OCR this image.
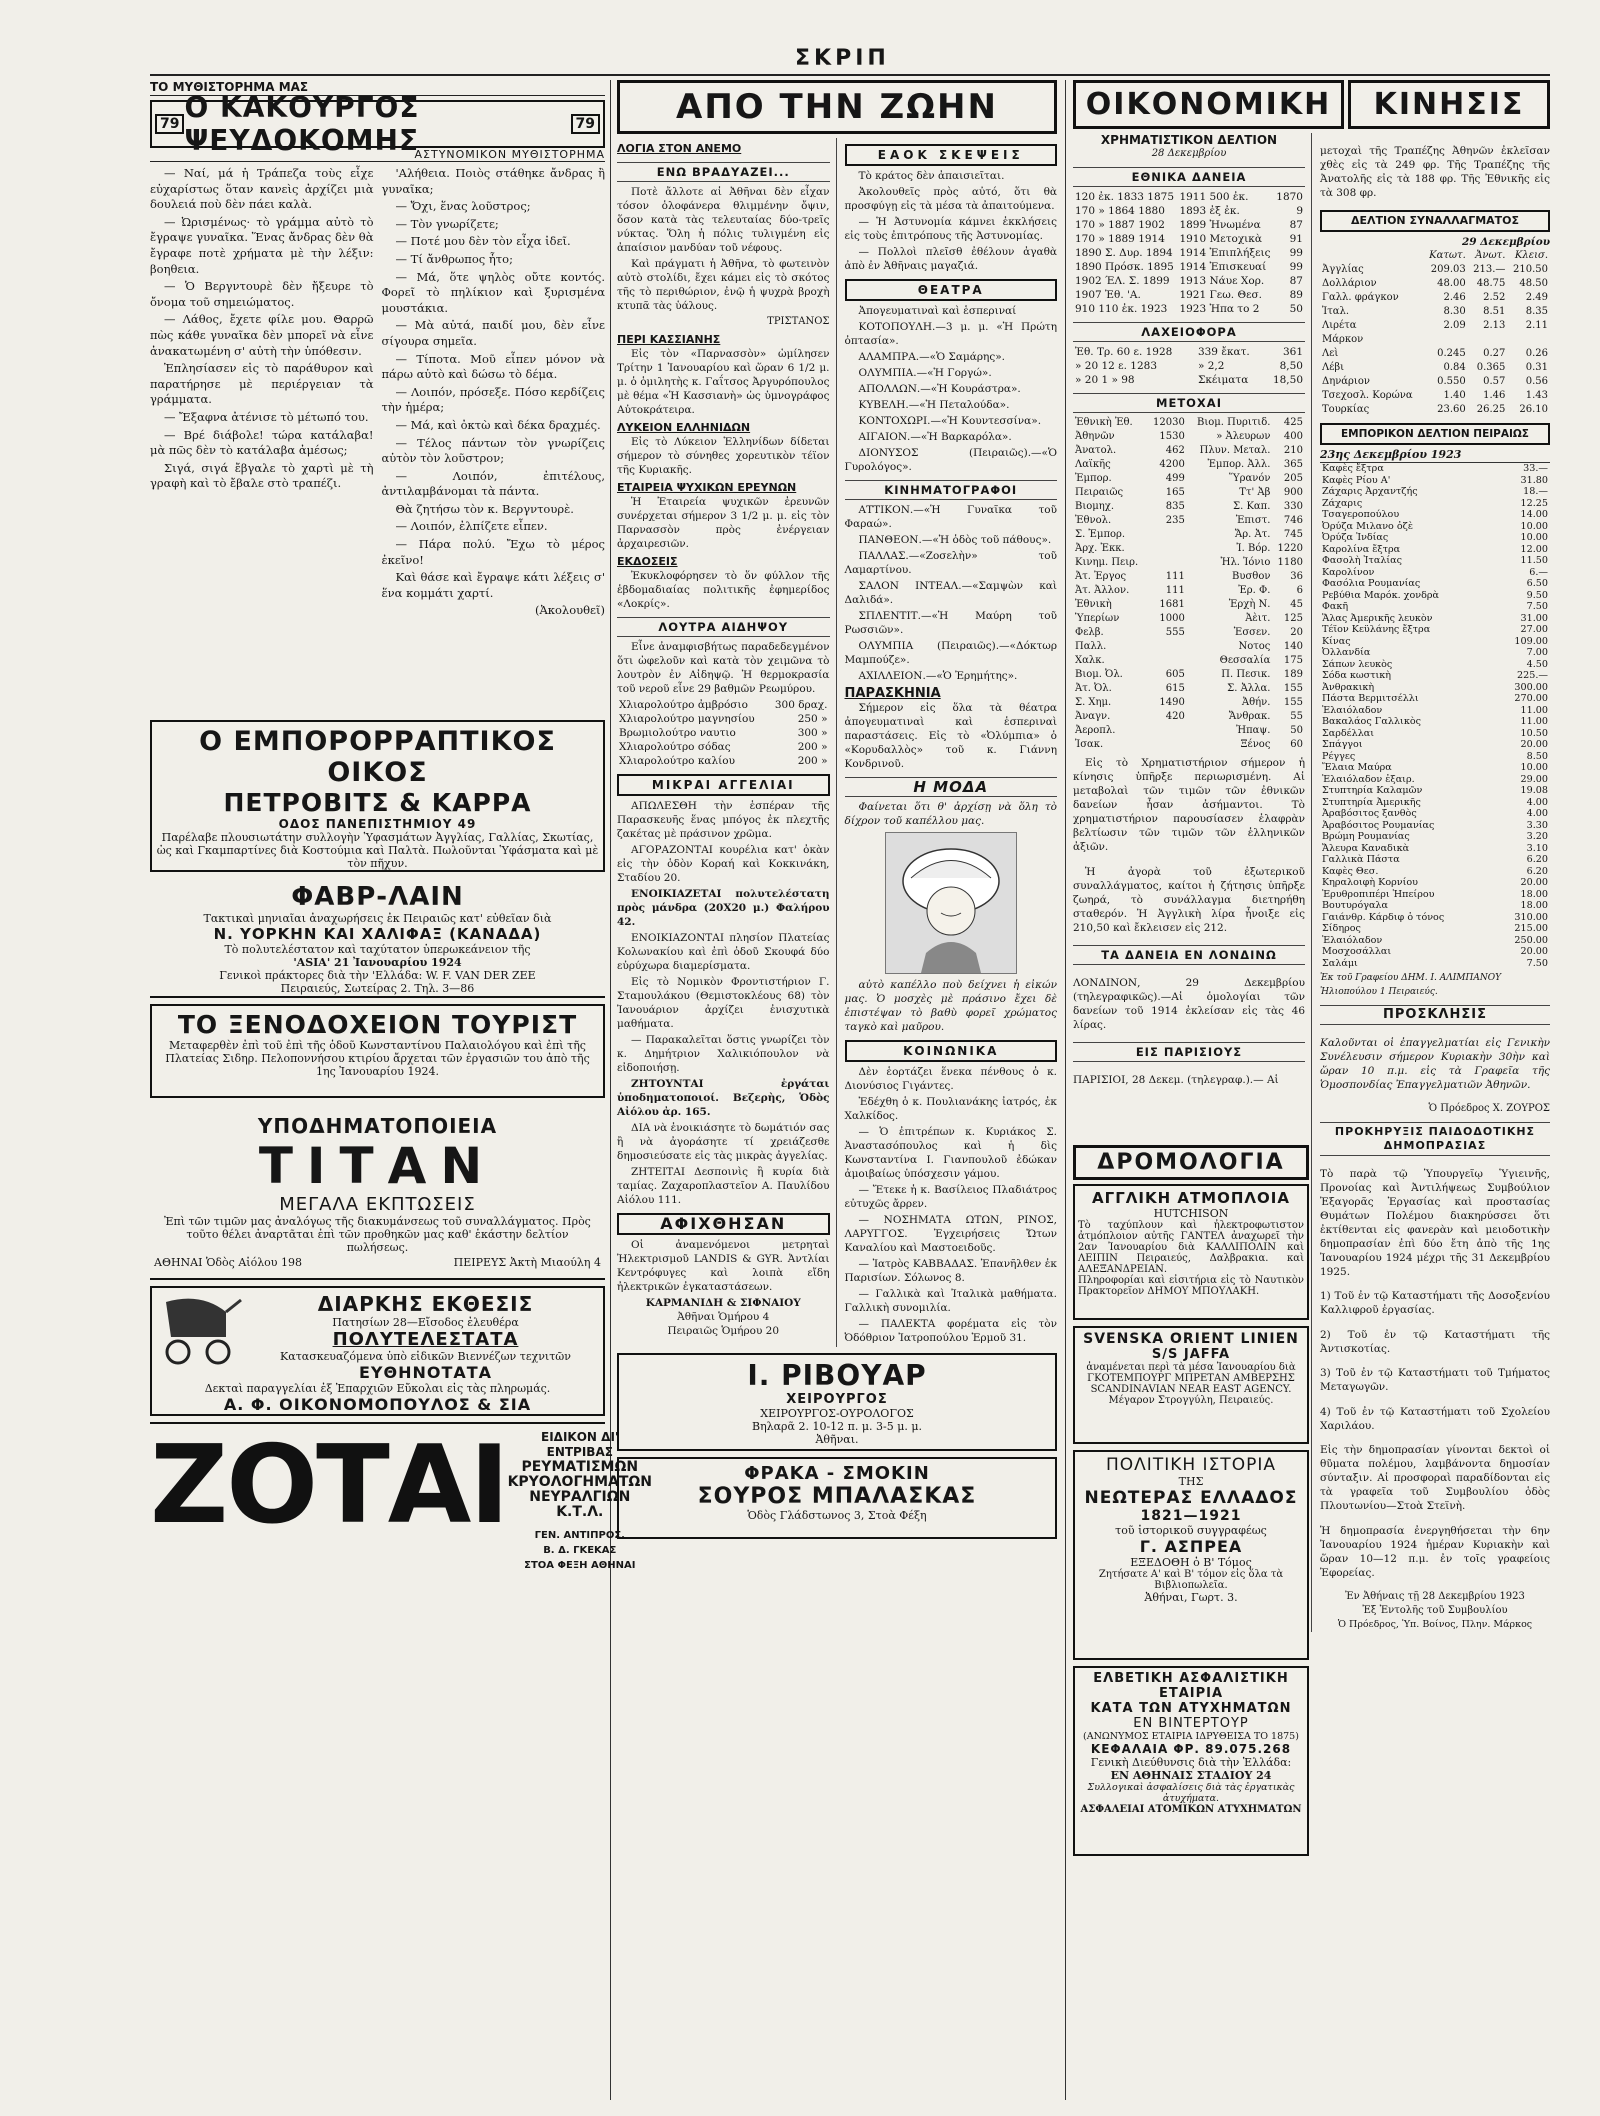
ΣΚΡΙΠ
ΤΟ ΜΥΘΙΣΤΟΡΗΜΑ ΜΑΣ
79 Ο ΚΑΚΟΥΡΓΟΣ ΨΕΥΔΟΚΟΜΗΣ	79
ΑΣΤΥΝΟΜΙΚΟΝ ΜΥΘΙΣΤΟΡΗΜΑ

— Ναί, μά ἡ Τράπεζα τοὺς εἶχε εὐχαρίστως ὅταν κανεὶς ἀρχίζει μιὰ δουλειά ποὺ δὲν πάει καλὰ.

— Ὠρισμένως· τὸ γράμμα αὐτὸ τὸ ἔγραψε γυναῖκα. Ἕνας ἄνδρας δὲν θὰ ἔγραφε ποτὲ χρήματα μὲ τὴν λέξιν: βοηθεια.

— Ὁ Βεργντουρὲ δὲν ἤξευρε τὸ ὄνομα τοῦ σημειώματος.

— Λάθος, ἔχετε φίλε μου. Θαρρῶ πὼς κάθε γυναῖκα δὲν μπορεῖ νὰ εἶνε ἀνακατωμένη σ' αὐτὴ τὴν ὑπόθεσιν.

Ἐπλησίασεν εἰς τὸ παράθυρον καὶ παρατήρησε μὲ περιέργειαν τὰ γράμματα.

— Ἔξαφνα ἀτένισε τὸ μέτωπό του.

— Βρέ διάβολε! τώρα κατάλαβα! μὰ πῶς δὲν τὸ κατάλαβα ἀμέσως;

Σιγά, σιγά ἔβγαλε τὸ χαρτὶ μὲ τὴ γραφὴ καὶ τὸ ἔβαλε στὸ τραπέζι.

'Αλήθεια. Ποιὸς στάθηκε ἄνδρας ἢ γυναῖκα;

— Ὄχι, ἕνας λοῦστρος;

— Τὸν γνωρίζετε;

— Ποτέ μου δὲν τὸν εἶχα ἰδεῖ.

— Τί ἄνθρωπος ἦτο;

— Μά, ὅτε ψηλὸς οὔτε κοντός. Φορεῖ τὸ πηλίκιον καὶ ξυρισμένα μουστάκια.

— Μὰ αὐτά, παιδί μου, δὲν εἶνε σίγουρα σημεῖα.

— Τίποτα. Μοῦ εἶπεν μόνον νὰ πάρω αὐτὸ καὶ δώσω τὸ δέμα.

— Λοιπόν, πρόσεξε. Πόσο κερδίζεις τὴν ἡμέρα;

— Μά, καὶ ὀκτὼ καὶ δέκα δραχμές.

— Τέλος πάντων τὸν γνωρίζεις αὐτὸν τὸν λοῦστρον;

— Λοιπόν, ἐπιτέλους, ἀντιλαμβάνομαι τὰ πάντα.

Θὰ ζητήσω τὸν κ. Βεργντουρὲ.

— Λοιπόν, ἐλπίζετε εἶπεν.

— Πάρα πολύ. Ἔχω τὸ μέρος ἐκεῖνο!

Καὶ θάσε καὶ ἔγραψε κάτι λέξεις σ' ἕνα κομμάτι χαρτί.

(Ἀκολουθεῖ)
Ο ΕΜΠΟΡΟΡΡΑΠΤΙΚΟΣ ΟΙΚΟΣ
ΠΕΤΡΟΒΙΤΣ & ΚΑΡΡΑ
ΟΔΟΣ ΠΑΝΕΠΙΣΤΗΜΙΟΥ 49
Παρέλαβε πλουσιωτάτην συλλογὴν Ὑφασμάτων Ἀγγλίας, Γαλλίας, Σκωτίας, ὡς καὶ Γκαμπαρτίνες διὰ Κοστούμια καὶ Παλτὰ. Πωλοῦνται Ὑφάσματα καὶ μὲ τὸν πῆχυν.
ΦΑΒΡ-ΛΑΙΝ
Τακτικαὶ μηνιαῖαι ἀναχωρήσεις ἐκ Πειραιῶς κατ' εὐθεῖαν διὰ
Ν. ΥΟΡΚΗΝ ΚΑΙ ΧΑΛΙΦΑΞ (ΚΑΝΑΔΑ)
Τὸ πολυτελέστατον καὶ ταχύτατον ὑπερωκεάνειον τῆς
'ASIA' 21 Ἰανουαρίου 1924
Γενικοὶ πράκτορες διὰ τὴν 'Ελλάδα: W. F. VAN DER ZEE
Πειραιεύς, Σωτείρας 2. Τηλ. 3—86
ΤΟ ΞΕΝΟΔΟΧΕΙΟΝ ΤΟΥΡΙΣΤ
Μεταφερθὲν ἐπὶ τοῦ ἐπὶ τῆς ὁδοῦ Κωνσταντίνου Παλαιολόγου καὶ ἐπὶ τῆς Πλατείας Σιδηρ. Πελοποννήσου κτιρίου ἄρχεται τῶν ἐργασιῶν του ἀπὸ τῆς 1ης Ἰανουαρίου 1924.
ΥΠΟΔΗΜΑΤΟΠΟΙΕΙΑ
ΤΙΤΑΝ
ΜΕΓΑΛΑ ΕΚΠΤΩΣΕΙΣ
Ἐπὶ τῶν τιμῶν μας ἀναλόγως τῆς διακυμάνσεως τοῦ συναλλάγματος. Πρὸς τοῦτο θέλει ἀναρτᾶται ἐπὶ τῶν προθηκῶν μας καθ' ἑκάστην δελτίον πωλήσεως.
ΑΘΗΝΑΙ Ὁδὸς Αἰόλου 198	ΠΕΙΡΕΥΣ Ἀκτὴ Μιαούλη 4
ΔΙΑΡΚΗΣ ΕΚΘΕΣΙΣ
Πατησίων 28—Εἴσοδος ἐλευθέρα
ΠΟΛΥΤΕΛΕΣΤΑΤΑ
Κατασκευαζόμενα ὑπὸ εἰδικῶν Βιεννέζων τεχνιτῶν
ΕΥΘΗΝΟΤΑΤΑ
Δεκταὶ παραγγελίαι ἐξ Ἐπαρχιῶν Εὔκολαι εἰς τὰς πληρωμάς.
Α. Φ. ΟΙΚΟΝΟΜΟΠΟΥΛΟΣ & ΣΙΑ
ΖΟΤΑΙ	ΕΙΔΙΚΟΝ ΔΙ' ΕΝΤΡΙΒΑΣ
ΡΕΥΜΑΤΙΣΜΩΝ
ΚΡΥΟΛΟΓΗΜΑΤΩΝ
ΝΕΥΡΑΛΓΙΩΝ Κ.Τ.Λ.
ΓΕΝ. ΑΝΤΙΠΡΟΣ.
Β. Δ. ΓΚΕΚΑΣ
ΣΤΟΑ ΦΕΞΗ ΑΘΗΝΑΙ
ΑΠΟ ΤΗΝ ΖΩΗΝ
ΛΟΓΙΑ ΣΤΟΝ ΑΝΕΜΟ
ΕΝΩ ΒΡΑΔΥΑΖΕΙ...

Ποτὲ ἄλλοτε αἱ Ἀθῆναι δὲν εἶχαν τόσον ὁλοφάνερα θλιμμένην ὄψιν, ὅσον κατὰ τὰς τελευταίας δύο-τρεῖς νύκτας. Ὅλη ἡ πόλις τυλιγμένη εἰς ἀπαίσιον μανδύαν τοῦ νέφους.

Καὶ πράγματι ἡ Ἀθῆνα, τὸ φωτεινὸν αὐτὸ στολίδι, ἔχει κάμει εἰς τὸ σκότος τῆς τὸ περιθώριον, ἐνῷ ἡ ψυχρὰ βροχὴ κτυπᾶ τὰς ὑάλους.

ΤΡΙΣΤΑΝΟΣ
ΠΕΡΙ ΚΑΣΣΙΑΝΗΣ

Εἰς τὸν «Παρνασσὸν» ὡμίλησεν Τρίτην 1 Ἰανουαρίου καὶ ὥραν 6 1/2 μ. μ. ὁ ὁμιλητὴς κ. Γαΐτσος Ἀργυρόπουλος μὲ θέμα «Ἡ Κασσιανὴ» ὡς ὑμνογράφος Αὐτοκράτειρα.

ΛΥΚΕΙΟΝ ΕΛΛΗΝΙΔΩΝ

Εἰς τὸ Λύκειον Ἑλληνίδων δίδεται σήμερον τὸ σύνηθες χορευτικὸν τέϊον τῆς Κυριακῆς.

ΕΤΑΙΡΕΙΑ ΨΥΧΙΚΩΝ ΕΡΕΥΝΩΝ

Ἡ Ἐταιρεία ψυχικῶν ἐρευνῶν συνέρχεται σήμερον 3 1/2 μ. μ. εἰς τὸν Παρνασσὸν πρὸς ἐνέργειαν ἀρχαιρεσιῶν.

ΕΚΔΟΣΕΙΣ

Ἐκυκλοφόρησεν τὸ ὅν φύλλον τῆς ἑβδομαδιαίας πολιτικῆς ἐφημερίδος «Λοκρίς».

ΛΟΥΤΡΑ ΑΙΔΗΨΟΥ

Εἶνε ἀναμφισβήτως παραδεδεγμένον ὅτι ὠφελοῦν καὶ κατὰ τὸν χειμῶνα τὸ λουτρὸν ἐν Αἰδηψῷ. Ἡ θερμοκρασία τοῦ νεροῦ εἶνε 29 βαθμῶν Ρεωμύρου.

Χλιαρολούτρο ἀμβρόσιο	300 δραχ.
Χλιαρολούτρο μαγνησίου	250 »
Βρωμιολούτρο ναυτιο	300 »
Χλιαρολούτρο σόδας	200 »
Χλιαρολούτρο καλίου	200 »
ΜΙΚΡΑΙ ΑΓΓΕΛΙΑΙ

ΑΠΩΛΕΣΘΗ τὴν ἑσπέραν τῆς Παρασκευῆς ἕνας μπόγος ἐκ πλεχτῆς ζακέτας μὲ πράσινον χρῶμα.

ΑΓΟΡΑΖΟΝΤΑΙ κουρέλια κατ' ὀκὰν εἰς τὴν ὁδὸν Κοραή καὶ Κοκκινάκη, Σταδίου 20.

ΕΝΟΙΚΙΑΖΕΤΑΙ πολυτελέστατη πρὸς μάνδρα (20Χ20 μ.) Φαλήρου 42.

ΕΝΟΙΚΙΑΖΟΝΤΑΙ πλησίον Πλατείας Κολωνακίου καὶ ἐπὶ ὁδοῦ Σκουφά δύο εὐρύχωρα διαμερίσματα.

Εἰς τὸ Νομικὸν Φροντιστήριον Γ. Σταμουλάκου (Θεμιστοκλέους 68) τὸν Ἰανουάριον ἀρχίζει ἐνισχυτικὰ μαθήματα.

— Παρακαλεῖται ὅστις γνωρίζει τὸν κ. Δημήτριον Χαλικιόπουλον νὰ εἰδοποιήσῃ.

ΖΗΤΟΥΝΤΑΙ ἐργάται ὑποδηματοποιοί. Βεζερὴς, Ὁδὸς Αἰόλου ἀρ. 165.

ΔΙΑ νὰ ἐνοικιάσητε τὸ δωμάτιόν σας ἢ νὰ ἀγοράσητε τί χρειάζεσθε δημοσιεύσατε εἰς τὰς μικρὰς ἀγγελίας.

ΖΗΤΕΙΤΑΙ Δεσποινὶς ἢ κυρία διὰ ταμίας. Ζαχαροπλαστεῖον Α. Παυλίδου Αἰόλου 111.

ΑΦΙΧΘΗΣΑΝ

Οἱ ἀναμενόμενοι μετρηταὶ Ἠλεκτρισμοῦ LANDIS & GYR. Ἀντλίαι Κεντρόφυγες καὶ λοιπὰ εἴδη ἠλεκτρικῶν ἐγκαταστάσεων.

ΚΑΡΜΑΝΙΔΗ & ΣΙΦΝΑΙΟΥ
Ἀθῆναι Ὁμήρου 4
Πειραιῶς Ὁμήρου 20
ΕΑΟΚ ΣΚΕΨΕΙΣ

Τὸ κράτος δὲν ἀπαισιεῖται.

Ἀκολουθεῖς πρὸς αὐτό, ὅτι θὰ προσφύγῃ εἰς τὰ μέσα τὰ ἀπαιτούμενα.

— Ἡ Ἀστυνομία κάμνει ἐκκλήσεις εἰς τοὺς ἐπιτρόπους τῆς Ἀστυνομίας.

— Πολλοὶ πλεῖσθ ἐθέλουν ἀγαθὰ ἀπὸ ἐν Ἀθῆναις μαγαζιά.

ΘΕΑΤΡΑ

Ἀπογευματιναὶ καὶ ἑσπεριναί

ΚΟΤΟΠΟΥΛΗ.—3 μ. μ. «Ἡ Πρώτη ὀπτασία».

ΑΛΑΜΠΡΑ.—«Ὁ Σαμάρης».

ΟΛΥΜΠΙΑ.—«Ἡ Γοργώ».

ΑΠΟΛΛΩΝ.—«Ἡ Κουράστρα».

ΚΥΒΕΛΗ.—«Ἡ Πεταλούδα».

ΚΟΝΤΟΧΩΡΙ.—«Ἡ Κουντεσσίνα».

ΑΙΓΑΙΟΝ.—«Ἡ Βαρκαρόλα».

ΔΙΟΝΥΣΟΣ (Πειραιῶς).—«Ὁ Γυρολόγος».

ΚΙΝΗΜΑΤΟΓΡΑΦΟΙ

ΑΤΤΙΚΟΝ.—«Ἡ Γυναῖκα τοῦ Φαραώ».

ΠΑΝΘΕΟΝ.—«Ἡ ὁδὸς τοῦ πάθους».

ΠΑΛΛΑΣ.—«Ζοσελὴν» τοῦ Λαμαρτίνου.

ΣΑΛΟΝ ΙΝΤΕΑΛ.—«Σαμψὼν καὶ Δαλιδά».

ΣΠΛΕΝΤΙΤ.—«Ἡ Μαύρη τοῦ Ρωσσιῶν».

ΟΛΥΜΠΙΑ (Πειραιῶς).—«Δόκτωρ Μαμπούζε».

ΑΧΙΛΛΕΙΟΝ.—«Ὁ Ἐρημήτης».

ΠΑΡΑΣΚΗΝΙΑ

Σήμερον εἰς ὅλα τὰ θέατρα ἀπογευματιναὶ καὶ ἑσπεριναὶ παραστάσεις. Εἰς τὸ «Ὀλύμπια» ὁ «Κορυδαλλὸς» τοῦ κ. Γιάννη Κονδρινοῦ.

Η ΜΟΔΑ

Φαίνεται ὅτι θ' ἀρχίσῃ νὰ ὅλη τὸ δίχρον τοῦ καπέλλου μας.

αὐτὸ καπέλλο ποὺ δείχνει ἡ εἰκών μας. Ὁ μοσχὲς μὲ πράσινο ἔχει δὲ ἐπιστέψαν τὸ βαθὺ φορεῖ χρώματος ταγκὸ καὶ μαῦρου.

ΚΟΙΝΩΝΙΚΑ

Δὲν ἑορτάζει ἕνεκα πένθους ὁ κ. Διονύσιος Γιγάντες.

Ἐδέχθη ὁ κ. Πουλιανάκης ἰατρός, ἐκ Χαλκίδος.

— Ὁ ἐπιτρέπων κ. Κυριάκος Σ. Ἀναστασόπουλος καὶ ἡ δὶς Κωνσταντίνα Ι. Γιανπουλοῦ ἐδώκαν ἀμοιβαίως ὑπόσχεσιν γάμου.

— Ἔτεκε ἡ κ. Βασίλειος Πλαδιάτρος εὐτυχῶς ἄρρεν.

— ΝΟΣΗΜΑΤΑ ΩΤΩΝ, ΡΙΝΟΣ, ΛΑΡΥΓΓΟΣ. Ἐγχειρήσεις Ὤτων Καναλίου καὶ Μαστοειδοῦς.

— Ἰατρὸς ΚΑΒΒΑΔΑΣ. Ἐπανῆλθεν ἐκ Παρισίων. Σόλωνος 8.

— Γαλλικὰ καὶ Ἰταλικὰ μαθήματα. Γαλλικὴ συνομιλία.

— ΠΑΛΕΚΤΑ φορέματα εἰς τὸν Ὀδόθριον Ἰατροπούλου Ἑρμοῦ 31.

Ι. ΡΙΒΟΥΑΡ
ΧΕΙΡΟΥΡΓΟΣ
ΧΕΙΡΟΥΡΓΟΣ-ΟΥΡΟΛΟΓΟΣ
Βηλαρᾶ 2. 10-12 π. μ. 3-5 μ. μ.
Ἀθῆναι.
ΦΡΑΚΑ - ΣΜΟΚΙΝ
ΣΟΥΡΟΣ ΜΠΑΛΑΣΚΑΣ
Ὁδὸς Γλάδστωνος 3, Στοὰ Φέξη
ΟΙΚΟΝΟΜΙΚΗ	ΚΙΝΗΣΙΣ
ΧΡΗΜΑΤΙΣΤΙΚΟΝ ΔΕΛΤΙΟΝ
28 Δεκεμβρίου
ΕΘΝΙΚΑ ΔΑΝΕΙΑ
120 ἐκ. 1833 1875	1911 500 ἐκ.	1870
170 » 1864 1880	1893 ἐξ ἐκ.	9
170 » 1887 1902	1899 Ἠνωμένα	87
170 » 1889 1914	1910 Μετοχικὰ	91
1890 Σ. Δυρ. 1894	1914 Ἐπιπλήξεις	99
1890 Πρόσκ. 1895	1914 Ἐπισκευαί	99
1902 ΈΛ. Σ. 1899	1913 Νάυε Χορ.	87
1907 Ἐθ. 'Α.	1921 Γεω. Θεσ.	89
910 110 ἐκ. 1923	1923 Ἠπα το 2	50
ΛΑΧΕΙΟΦΟΡΑ
Ἐθ. Τρ. 60 ε. 1928	339 ἔκατ.	361
» 20 12 ε. 1283	» 2,2	8,50
» 20 1 » 98	Σκέιματα	18,50
ΜΕΤΟΧΑΙ
Ἐθνικὴ Ἐθ.	12030	Βιομ. Πυριτιδ.	425
Ἀθηνῶν	1530	» Ἀλευρων	400
Ἀνατολ.	462	Πλυν. Μεταλ.	210
Λαϊκῆς	4200	Ἐμπορ. Ἀλλ.	365
Ἐμπορ.	499	Ὕρανόν	205
Πειραιῶς	165	Ττ' Ἀβ	900
Βιομηχ.	835	Σ. Καπ.	330
Ἐθνολ.	235	Ἐπιστ.	746
Σ. Ἐμπορ.		Ἄρ. Ἀτ.	745
Ἀρχ. Ἐκκ.		Ἰ. Βόρ.	1220
Κινημ. Πειρ.		Ἠλ. Ἰόνιο	1180
Ἀτ. Ἐργος	111	Βυσθον	36
Ἀτ. Ἀλλον.	111	Ἐρ. Φ.	6
Ἐθνικὴ	1681	Ἐρχὴ Ν.	45
Ὑπερίων	1000	Ἀὲιτ.	125
Φελβ.	555	Ἐσσεν.	20
Παλλ.		Νοτος	140
Χαλκ.		Θεσσαλία	175
Βιομ. Ὀλ.	605	Π. Πεσικ.	189
Ἀτ. Ὀλ.	615	Σ. Ἀλλα.	155
Σ. Χημ.	1490	Ἀθήν.	155
Ἀναγν.	420	Ἄνθρακ.	55
Ἀεροπλ.		Ἠπαψ.	50
Ἰσακ.		Ξένος	60

Εἰς τὸ Χρηματιστήριον σήμερον ἡ κίνησις ὑπῆρξε περιωρισμένη. Αἱ μεταβολαὶ τῶν τιμῶν τῶν ἐθνικῶν δανείων ἦσαν ἀσήμαντοι. Τὸ χρηματιστήριον παρουσίασεν ἐλαφρὰν βελτίωσιν τῶν τιμῶν τῶν ἑλληνικῶν ἀξιῶν.

Ἡ ἀγορὰ τοῦ ἐξωτερικοῦ συναλλάγματος, καίτοι ἡ ζήτησις ὑπῆρξε ζωηρά, τὸ συνάλλαγμα διετηρήθη σταθερόν. Ἡ Ἀγγλικὴ λίρα ἦνοιξε εἰς 210,50 καὶ ἔκλεισεν εἰς 212.

ΤΑ ΔΑΝΕΙΑ ΕΝ ΛΟΝΔΙΝΩ

ΛΟΝΔΙΝΟΝ, 29 Δεκεμβρίου (τηλεγραφικῶς).—Αἱ ὁμολογίαι τῶν δανείων τοῦ 1914 ἐκλείσαν εἰς τὰς 46 λίρας.

ΕΙΣ ΠΑΡΙΣΙΟΥΣ

ΠΑΡΙΣΙΟΙ, 28 Δεκεμ. (τηλεγραφ.).— Αἱ

μετοχαὶ τῆς Τραπέζης Ἀθηνῶν ἐκλεῖσαν χθὲς εἰς τὰ 249 φρ. Τῆς Τραπέζης τῆς Ἀνατολῆς εἰς τὰ 188 φρ. Τῆς Ἐθνικῆς εἰς τὰ 308 φρ.

ΔΕΛΤΙΟΝ ΣΥΝΑΛΛΑΓΜΑΤΟΣ
29 Δεκεμβρίου
	Κατωτ.	Ἀνωτ.	Κλεισ.
Ἀγγλίας	209.03	213.—	210.50
Δολλάριον	48.00	48.75	48.50
Γαλλ. φράγκον	2.46	2.52	2.49
Ἰταλ.	8.30	8.51	8.35
Λιρέτα	2.09	2.13	2.11
Μάρκον			
Λεὶ	0.245	0.27	0.26
Λέβι	0.84	0.365	0.31
Δηνάριον	0.550	0.57	0.56
Τσεχοσλ. Κορώνα	1.40	1.46	1.43
Τουρκίας	23.60	26.25	26.10
ΕΜΠΟΡΙΚΟΝ ΔΕΛΤΙΟΝ ΠΕΙΡΑΙΩΣ
23ης Δεκεμβρίου 1923
Καφὲς ἔξτρα	33.—
Καφὲς Ρίου Α'	31.80
Ζάχαρις Ἀρχαντζής	18.—
Ζάχαρις	12.25
Τσαγεροπούλου	14.00
Ὀρύζα Μιλανο ὀζὲ	10.00
Ὀρύζα Ἰνδίας	10.00
Καρολίνα ἔξτρα	12.00
Φασολὴ Ἰταλίας	11.50
Καρολίνον	6.—
Φασόλια Ρουμανίας	6.50
Ρεβύθια Μαρόκ. χονδρὰ	9.50
Φακῆ	7.50
Ἅλας Ἀμερικῆς λευκὸν	31.00
Τέϊον Κεϋλάνης ἔξτρα	27.00
Κίνας	109.00
Ὀλλανδία	7.00
Σάπων λευκὸς	4.50
Σόδα κωστικὴ	225.—
Ἀνθρακικὴ	300.00
Πάστα Βερμιτσέλλι	270.00
Ἐλαιόλαδον	11.00
Βακαλάος Γαλλικὸς	11.00
Σαρδέλλαι	10.50
Σπάγγοι	20.00
Ρέγγες	8.50
Ἔλαια Μαύρα	10.00
Ἐλαιόλαδον ἐξαιρ.	29.00
Στυπτηρία Καλαμῶν	19.08
Στυπτηρία Ἀμερικῆς	4.00
Ἀραβόσιτος ξανθὸς	4.00
Ἀραβόσιτος Ρουμανίας	3.30
Βρώμη Ρουμανίας	3.20
Ἄλευρα Καναδικὰ	3.10
Γαλλικὰ Πάστα	6.20
Καφὲς Θεσ.	6.20
Κηραλοιφὴ Κορνίου	20.00
Ἐρυθροπιπέρι Ἡπείρου	18.00
Βουτυρόγαλα	18.00
Γαιάνθρ. Κάρδιφ ὁ τόνος	310.00
Σίδηρος	215.00
Ἐλαιόλαδον	250.00
Μοσχοσάλλαι	20.00
Σαλάμι	7.50
Ἐκ τοῦ Γραφείου ΔΗΜ. Ι. ΑΛΙΜΠΑΝΟΥ Ἠλιοπούλου 1 Πειραιεύς.
ΠΡΟΣΚΛΗΣΙΣ

Καλοῦνται οἱ ἐπαγγελματίαι εἰς Γενικὴν Συνέλευσιν σήμερον Κυριακὴν 30ὴν καὶ ὥραν 10 π.μ. εἰς τὰ Γραφεῖα τῆς Ὁμοσπονδίας Ἐπαγγελματιῶν Ἀθηνῶν.

Ὁ Πρόεδρος Χ. ΖΟΥΡΟΣ
ΠΡΟΚΗΡΥΞΙΣ ΠΑΙΔΟΔΟΤΙΚΗΣ ΔΗΜΟΠΡΑΣΙΑΣ

Τὸ παρὰ τῷ Ὑπουργεῖῳ Ὑγιεινῆς, Προνοίας καὶ Ἀντιλήψεως Συμβούλιον Ἐξαγορᾶς Ἐργασίας καὶ προστασίας Θυμάτων Πολέμου διακηρύσσει ὅτι ἐκτίθενται εἰς φανερὰν καὶ μειοδοτικὴν δημοπρασίαν ἐπὶ δύο ἔτη ἀπὸ τῆς 1ης Ἰανουαρίου 1924 μέχρι τῆς 31 Δεκεμβρίου 1925.

1) Τοῦ ἐν τῷ Καταστήματι τῆς Δοσοξενίου Καλλιφροῦ ἐργασίας.

2) Τοῦ ἐν τῷ Καταστήματι τῆς Ἀντισκοτίας.

3) Τοῦ ἐν τῷ Καταστήματι τοῦ Τμήματος Μεταγωγῶν.

4) Τοῦ ἐν τῷ Καταστήματι τοῦ Σχολείου Χαριλάου.

Εἰς τὴν δημοπρασίαν γίνονται δεκτοὶ οἱ θῦματα πολέμου, λαμβάνοντα δημοσίαν σύνταξιν. Αἱ προσφοραὶ παραδίδονται εἰς τὰ γραφεῖα τοῦ Συμβουλίου ὁδὸς Πλουτωνίου—Στοὰ Στεϊνὴ.

Ἡ δημοπρασία ἐνεργηθήσεται τὴν 6ην Ἰανουαρίου 1924 ἡμέραν Κυριακὴν καὶ ὥραν 10—12 π.μ. ἐν τοῖς γραφείοις Ἐφορείας.

Ἐν Ἀθήναις τῇ 28 Δεκεμβρίου 1923
Ἐξ Ἐντολῆς τοῦ Συμβουλίου
Ὁ Πρόεδρος, Ὑπ. Βοίνος, Πλην. Μάρκος
ΔΡΟΜΟΛΟΓΙΑ
ΑΓΓΛΙΚΗ ΑΤΜΟΠΛΟΙΑ
HUTCHISON
Τὸ ταχύπλουν καὶ ἠλεκτροφωτιστον ἀτμόπλοιον αὐτῆς ΓΑΝΤΕΛ ἀναχωρεῖ τὴν 2αν Ἰανουαρίου διὰ ΚΑΛΛΙΠΟΛΙΝ καὶ ΛΕΙΠΙΝ Πειραιεύς, Δαλβρακια. καὶ ΑΛΕΞΑΝΔΡΕΙΑΝ.
Πληροφορίαι καὶ εἰσιτήρια εἰς τὸ Ναυτικὸν Πρακτορεῖον ΔΗΜΟΥ ΜΠΟΥΛΑΚΗ.
SVENSKA ORIENT LINIEN
S/S JAFFA
ἀναμένεται περὶ τὰ μέσα Ἰανουαρίου διὰ ΓΚΟΤΕΜΠΟΥΡΓ ΜΠΡΕΤΑΝ ΑΜΒΕΡΣΗΣ
SCANDINAVIAN NEAR EAST AGENCY.
Μέγαρον Στρογγύλη, Πειραιεύς.
ΠΟΛΙΤΙΚΗ ΙΣΤΟΡΙΑ
ΤΗΣ
ΝΕΩΤΕΡΑΣ ΕΛΛΑΔΟΣ
1821—1921
τοῦ ἱστορικοῦ συγγραφέως
Γ. ΑΣΠΡΕΑ
ΕΞΕΔΟΘΗ ὁ Β' Τόμος
Ζητήσατε Α' καὶ Β' τόμον εἰς ὅλα τὰ Βιβλιοπωλεῖα.
Ἀθήναι, Γωρτ. 3.
ΕΛΒΕΤΙΚΗ ΑΣΦΑΛΙΣΤΙΚΗ ΕΤΑΙΡΙΑ
ΚΑΤΑ ΤΩΝ ΑΤΥΧΗΜΑΤΩΝ
ΕΝ ΒΙΝΤΕΡΤΟΥΡ
(ΑΝΩΝΥΜΟΣ ΕΤΑΙΡΙΑ ΙΔΡΥΘΕΙΣΑ ΤΟ 1875)
ΚΕΦΑΛΑΙΑ ΦΡ. 89.075.268
Γενικὴ Διεύθυνσις διὰ τὴν Ἑλλάδα:
ΕΝ ΑΘΗΝΑΙΣ ΣΤΑΔΙΟΥ 24
Συλλογικαὶ ἀσφαλίσεις διὰ τὰς ἐργατικὰς ἀτυχήματα.
ΑΣΦΑΛΕΙΑΙ ΑΤΟΜΙΚΩΝ ΑΤΥΧΗΜΑΤΩΝ
